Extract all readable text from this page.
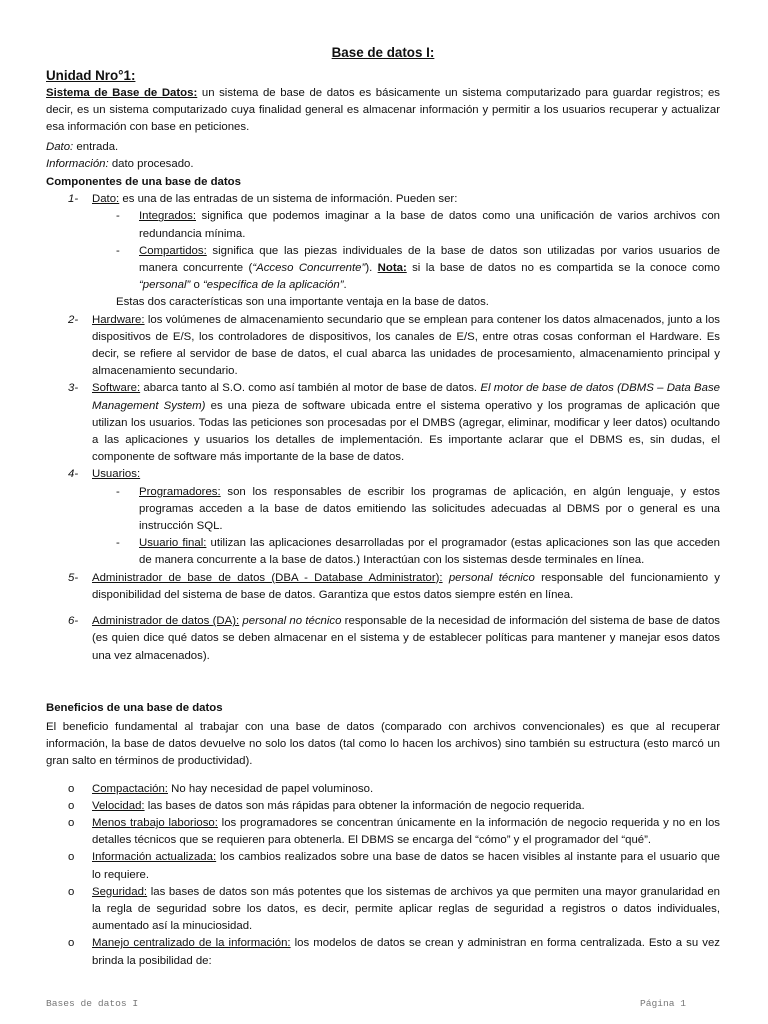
Base de datos I:
Unidad Nro°1:

Sistema de Base de Datos: un sistema de base de datos es básicamente un sistema computarizado para guardar registros; es decir, es un sistema computarizado cuya finalidad general es almacenar información y permitir a los usuarios recuperar y actualizar esa información con base en peticiones.

Dato: entrada.

Información: dato procesado.

Componentes de una base de datos
1- Dato: es una de las entradas de un sistema de información. Pueden ser:
- Integrados: significa que podemos imaginar a la base de datos como una unificación de varios archivos con redundancia mínima.
- Compartidos: significa que las piezas individuales de la base de datos son utilizadas por varios usuarios de manera concurrente (“Acceso Concurrente”). Nota: si la base de datos no es compartida se la conoce como “personal” o “específica de la aplicación”.
Estas dos características son una importante ventaja en la base de datos.
2- Hardware: los volúmenes de almacenamiento secundario que se emplean para contener los datos almacenados, junto a los dispositivos de E/S, los controladores de dispositivos, los canales de E/S, entre otras cosas conforman el Hardware. Es decir, se refiere al servidor de base de datos, el cual abarca las unidades de procesamiento, almacenamiento principal y almacenamiento secundario.
3- Software: abarca tanto al S.O. como así también al motor de base de datos. El motor de base de datos (DBMS – Data Base Management System) es una pieza de software ubicada entre el sistema operativo y los programas de aplicación que utilizan los usuarios. Todas las peticiones son procesadas por el DMBS (agregar, eliminar, modificar y leer datos) ocultando a las aplicaciones y usuarios los detalles de implementación. Es importante aclarar que el DBMS es, sin dudas, el componente de software más importante de la base de datos.
4- Usuarios:
- Programadores: son los responsables de escribir los programas de aplicación, en algún lenguaje, y estos programas acceden a la base de datos emitiendo las solicitudes adecuadas al DBMS por o general es una instrucción SQL.
- Usuario final: utilizan las aplicaciones desarrolladas por el programador (estas aplicaciones son las que acceden de manera concurrente a la base de datos.) Interactúan con los sistemas desde terminales en línea.
5- Administrador de base de datos (DBA - Database Administrator): personal técnico responsable del funcionamiento y disponibilidad del sistema de base de datos. Garantiza que estos datos siempre estén en línea.
6- Administrador de datos (DA): personal no técnico responsable de la necesidad de información del sistema de base de datos (es quien dice qué datos se deben almacenar en el sistema y de establecer políticas para mantener y manejar esos datos una vez almacenados).
Beneficios de una base de datos

El beneficio fundamental al trabajar con una base de datos (comparado con archivos convencionales) es que al recuperar información, la base de datos devuelve no solo los datos (tal como lo hacen los archivos) sino también su estructura (esto marcó un gran salto en términos de productividad).

o Compactación: No hay necesidad de papel voluminoso.
o Velocidad: las bases de datos son más rápidas para obtener la información de negocio requerida.
o Menos trabajo laborioso: los programadores se concentran únicamente en la información de negocio requerida y no en los detalles técnicos que se requieren para obtenerla. El DBMS se encarga del “cómo” y el programador del “qué”.
o Información actualizada: los cambios realizados sobre una base de datos se hacen visibles al instante para el usuario que lo requiere.
o Seguridad: las bases de datos son más potentes que los sistemas de archivos ya que permiten una mayor granularidad en la regla de seguridad sobre los datos, es decir, permite aplicar reglas de seguridad a registros o datos individuales, aumentado así la minuciosidad.
o Manejo centralizado de la información: los modelos de datos se crean y administran en forma centralizada. Esto a su vez brinda la posibilidad de:
Bases de datos I	Página 1
